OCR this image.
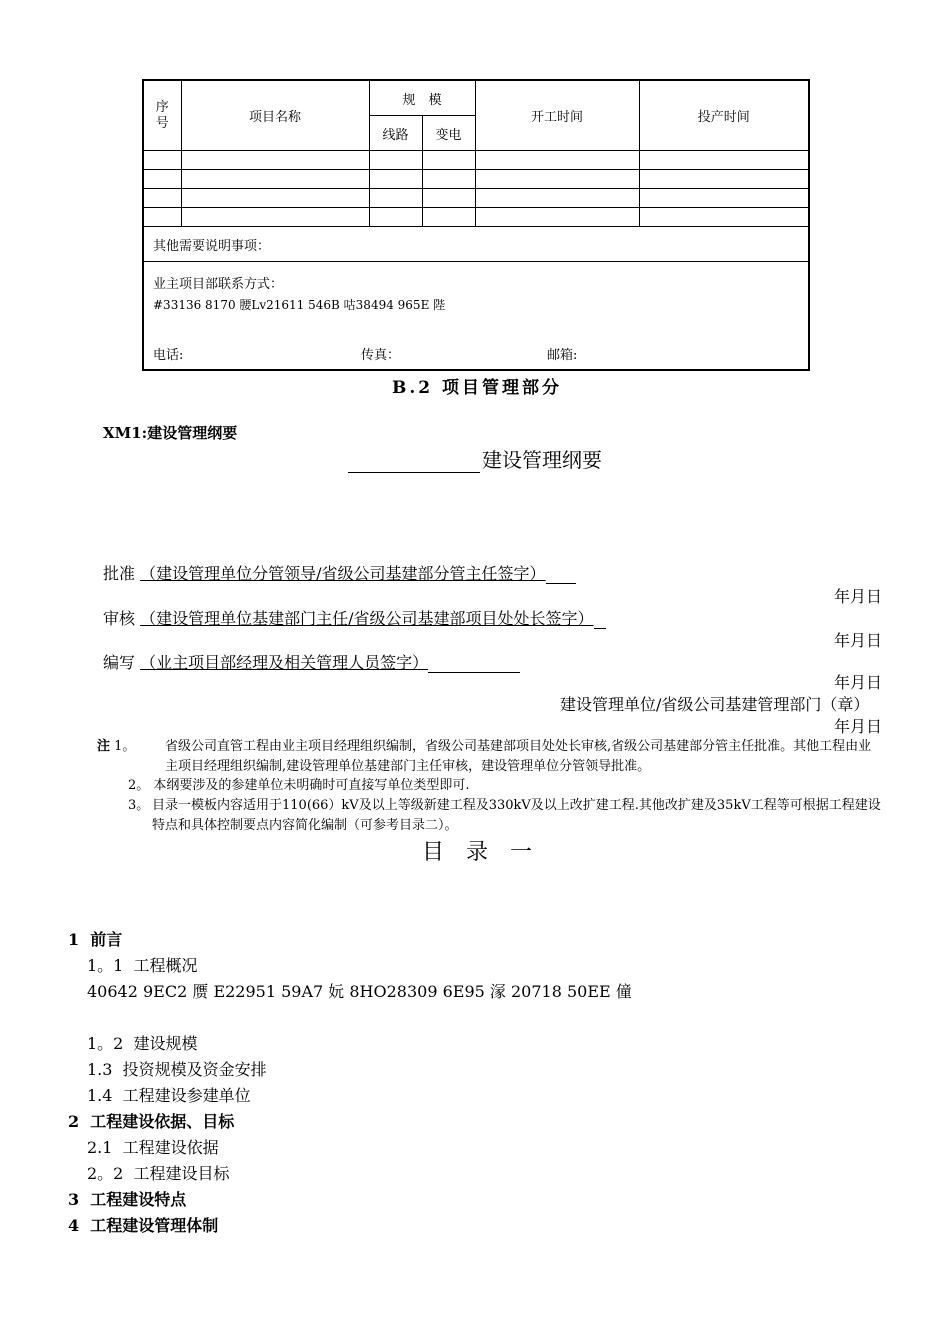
序号	项目名称	规　模		开工时间	投产时间
		线路	变电		

其他需要说明事项：					

业主项目部联系方式：
#33136 8170 腰Lv21611 546B 咕38494 965E 陛
电话: 传真： 邮箱:					
B.2 项目管理部分
XM1:建设管理纲要
建设管理纲要
批准 （建设管理单位分管领导/省级公司基建部分管主任签字）
年月日
审核 （建设管理单位基建部门主任/省级公司基建部项目处处长签字）
年月日
编写 （业主项目部经理及相关管理人员签字）
年月日
建设管理单位/省级公司基建管理部门（章）
年月日
注 1。	省级公司直管工程由业主项目经理组织编制，省级公司基建部项目处处长审核,省级公司基建部分管主任批准。其他工程由业主项目经理组织编制,建设管理单位基建部门主任审核，建设管理单位分管领导批准。
2。 本纲要涉及的参建单位未明确时可直接写单位类型即可.
3。 目录一模板内容适用于110(66）kV及以上等级新建工程及330kV及以上改扩建工程.其他改扩建及35kV工程等可根据工程建设特点和具体控制要点内容简化编制（可参考目录二）。
目录一
1 前言
1。1 工程概况
40642 9EC2 赝 E22951 59A7 妧 8HO28309 6E95 溕 20718 50EE 僮
1。2 建设规模
1.3 投资规模及资金安排
1.4 工程建设参建单位
2 工程建设依据、目标
2.1 工程建设依据
2。2 工程建设目标
3 工程建设特点
4 工程建设管理体制
